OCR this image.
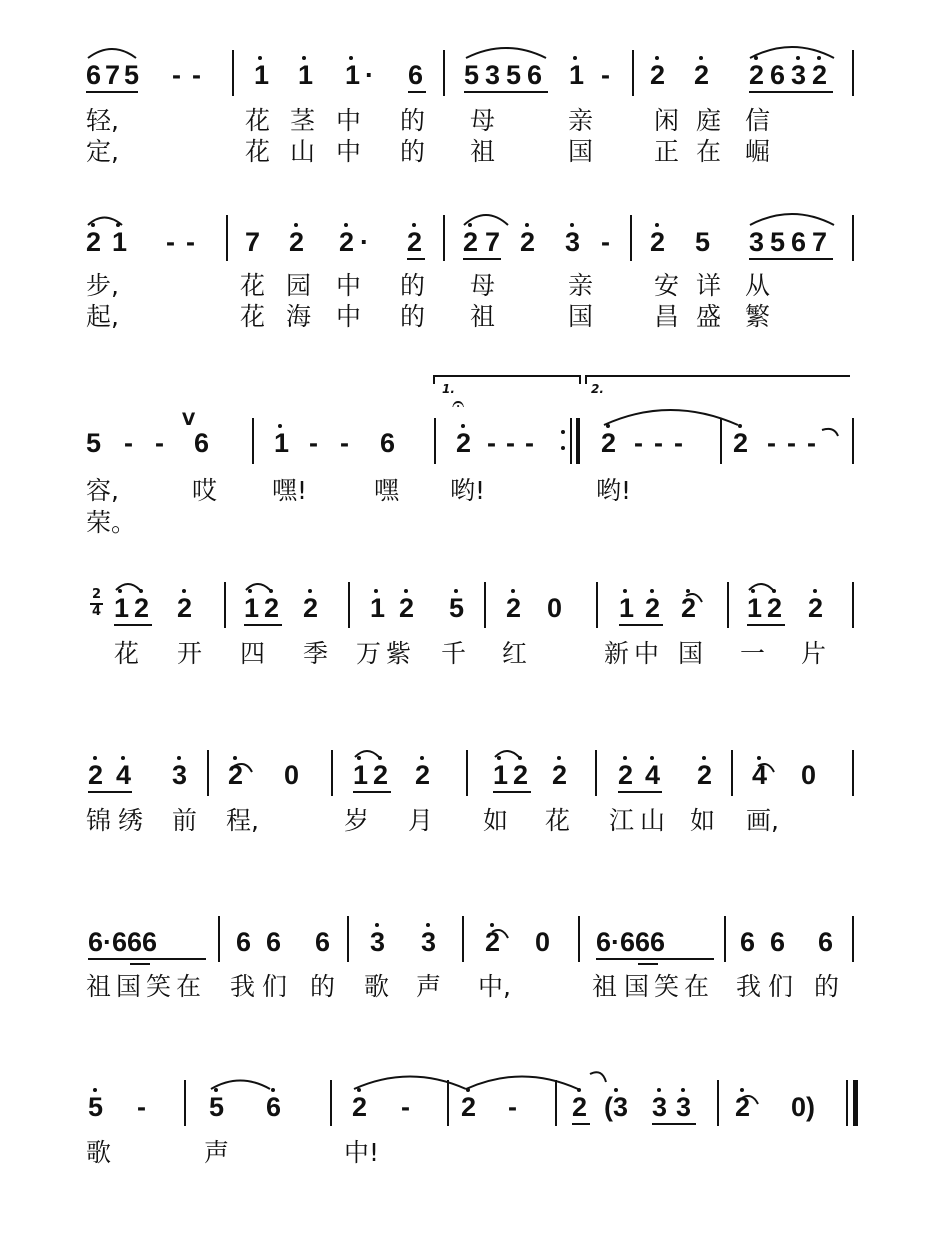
6 7 5 - - 1 1 1 · 6 5 3 5 6 1 - 2 2 2 6 3 2
轻,	花 茎 中 的 母	亲 闲 庭 信
定,	花 山 中 的 祖	国 正 在 崛
2 1 - - 7 2 2 · 2 2 7 2 3 - 2 5 3 5 6 7
步,	花 园 中 的 母	亲 安 详 从
起,	花 海 中 的 祖	国 昌 盛 繁
1.	2.
V
𝄐
5 - - 6 1 - - 6 2 - - - 2 - - - 2 - - -
容,	哎 嘿!	嘿 哟!	哟!
荣。
2
4 1 2 2 1 2 2 1 2 5 2 0 1 2 2 1 2 2
花 开 四 季 万 紫 千 红	新 中 国 一 片
2 4 3 2 0 1 2 2 1 2 2 2 4 2 4 0
锦 绣 前 程,	岁 月 如 花 江 山 如 画,
6·666	6 6 6 3 3 2 0 6·666	6 6 6
祖 国 笑 在 我 们 的 歌 声 中,	祖 国 笑 在 我 们 的
5 - 5 6	2 - 2 - 2 (3 3 3 2 0)
歌	声	中!
